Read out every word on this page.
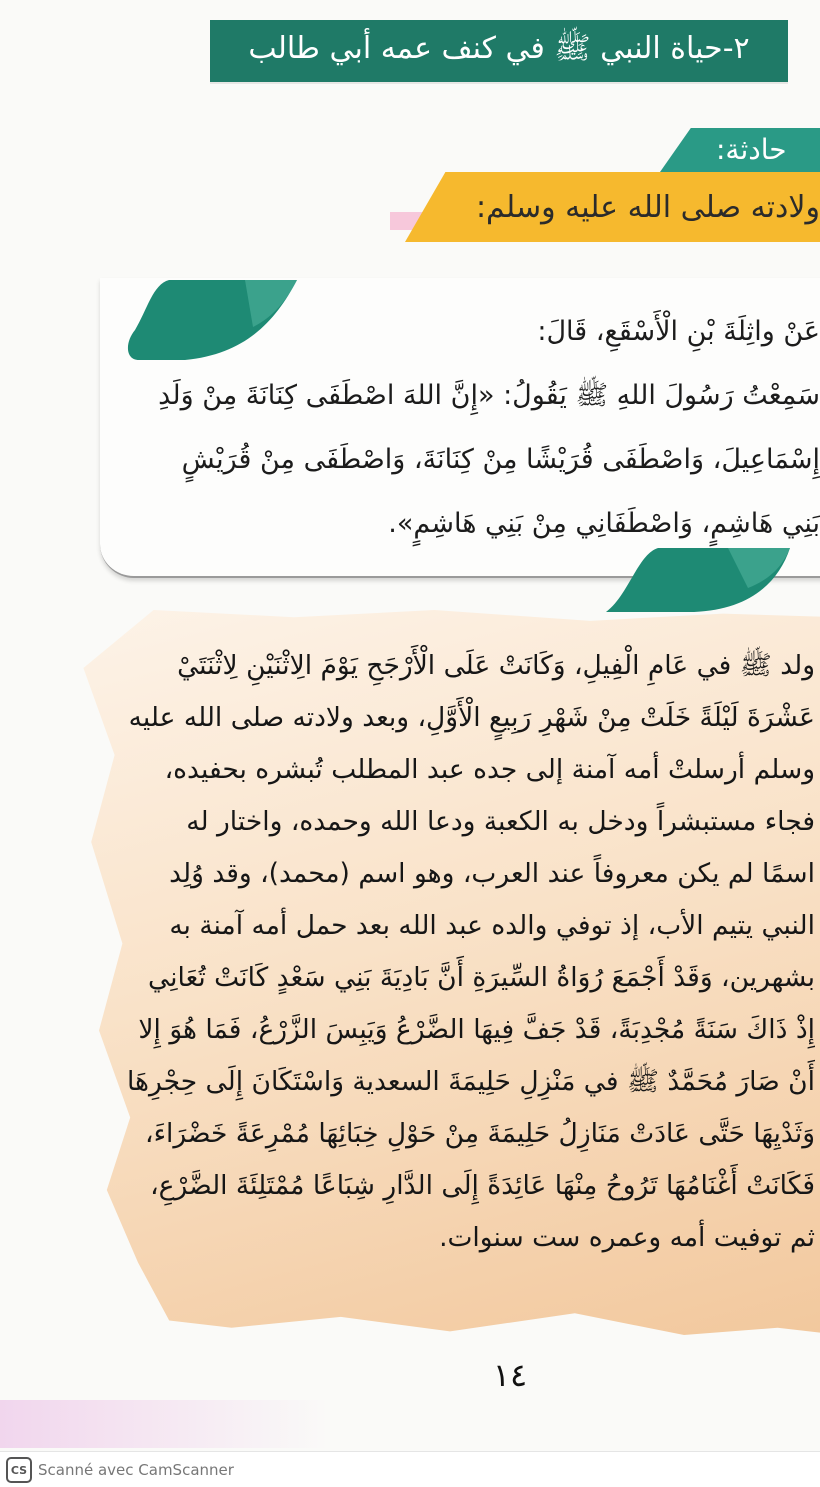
٢-حياة النبي ﷺ في كنف عمه أبي طالب
حادثة:
ولادته صلى الله عليه وسلم:
عَنْ واثِلَةَ بْنِ الْأَسْقَعِ، قَالَ:
سَمِعْتُ رَسُولَ اللهِ ﷺ يَقُولُ: «إِنَّ اللهَ اصْطَفَى كِنَانَةَ مِنْ وَلَدِ
إِسْمَاعِيلَ، وَاصْطَفَى قُرَيْشًا مِنْ كِنَانَةَ، وَاصْطَفَى مِنْ قُرَيْشٍ
بَنِي هَاشِمٍ، وَاصْطَفَانِي مِنْ بَنِي هَاشِمٍ».
ولد ﷺ في عَامِ الْفِيلِ، وَكَانَتْ عَلَى الْأَرْجَحِ يَوْمَ الِاثْنَيْنِ لِاثْنَتَيْ
عَشْرَةَ لَيْلَةً خَلَتْ مِنْ شَهْرِ رَبِيعٍ الْأَوَّلِ، وبعد ولادته صلى الله عليه
وسلم أرسلتْ أمه آمنة إلى جده عبد المطلب تُبشره بحفيده،
فجاء مستبشراً ودخل به الكعبة ودعا الله وحمده، واختار له
اسمًا لم يكن معروفاً عند العرب، وهو اسم (محمد)، وقد وُلِد
النبي يتيم الأب، إذ توفي والده عبد الله بعد حمل أمه آمنة به
بشهرين، وَقَدْ أَجْمَعَ رُوَاةُ السِّيرَةِ أَنَّ بَادِيَةَ بَنِي سَعْدٍ كَانَتْ تُعَانِي
إِذْ ذَاكَ سَنَةً مُجْدِبَةً، قَدْ جَفَّ فِيهَا الضَّرْعُ وَيَبِسَ الزَّرْعُ، فَمَا هُوَ إِلا
أَنْ صَارَ مُحَمَّدٌ ﷺ في مَنْزِلِ حَلِيمَةَ السعدية وَاسْتَكَانَ إِلَى حِجْرِهَا
وَثَدْيِهَا حَتَّى عَادَتْ مَنَازِلُ حَلِيمَةَ مِنْ حَوْلِ خِبَائِهَا مُمْرِعَةً خَضْرَاءَ،
فَكَانَتْ أَغْنَامُهَا تَرُوحُ مِنْهَا عَائِدَةً إِلَى الدَّارِ شِبَاعًا مُمْتَلِئَةَ الضَّرْعِ،
ثم توفيت أمه وعمره ست سنوات.
١٤
CS Scanné avec CamScanner
